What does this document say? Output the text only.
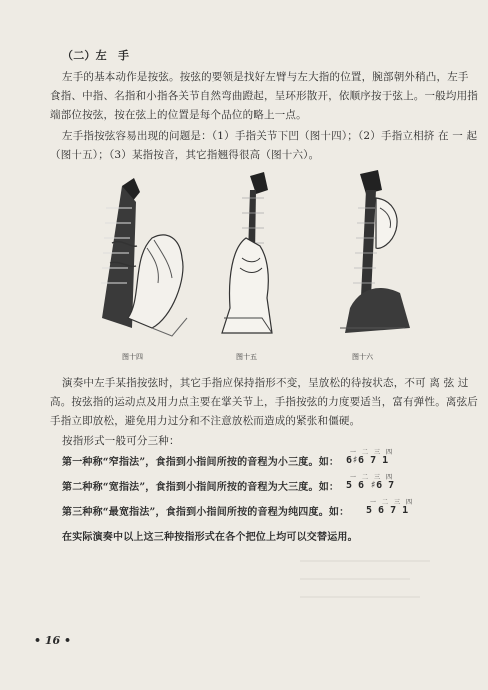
（二）左　手
左手的基本动作是按弦。按弦的要领是找好左臂与左大指的位置，腕部朝外稍凸，左手
食指、中指、名指和小指各关节自然弯曲蹬起，呈环形散开，依顺序按于弦上。一般均用指
端部位按弦，按在弦上的位置是每个品位的略上一点。
左手指按弦容易出现的问题是：（1）手指关节下凹（图十四）；（2）手指立相挤 在 一 起
（图十五）；（3）某指按音，其它指翘得很高（图十六）。
图十四	图十五	图十六
演奏中左手某指按弦时，其它手指应保持指形不变，呈放松的待按状态，不可 离 弦 过
高。按弦指的运动点及用力点主要在掌关节上，手指按弦的力度要适当，富有弹性。离弦后
手指立即放松，避免用力过分和不注意放松而造成的紧张和僵硬。
按指形式一般可分三种：
第一种称“窄指法”，食指到小指间所按的音程为小三度。如：
一 二 三 四
6♯6 7 1
第二种称“宽指法”，食指到小指间所按的音程为大三度。如：
一 二 三 四
5 6 ♯6 7
第三种称“最宽指法”，食指到小指间所按的音程为纯四度。如：
一 二 三 四
5 6 7 1
在实际演奏中以上这三种按指形式在各个把位上均可以交替运用。
• 16 •
